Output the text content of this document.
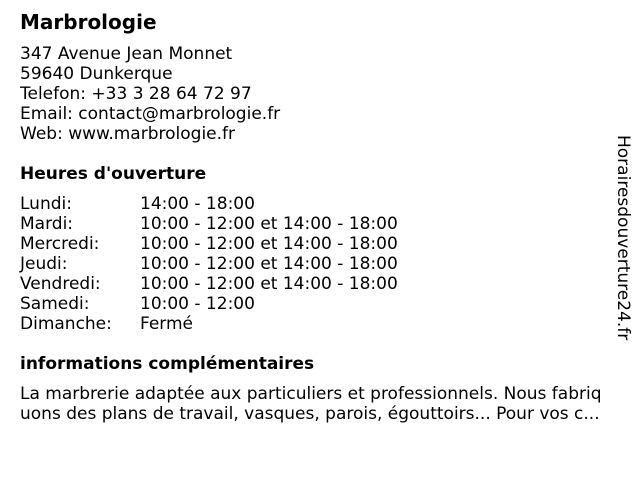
Marbrologie
347 Avenue Jean Monnet
59640 Dunkerque
Telefon: +33 3 28 64 72 97
Email: contact@marbrologie.fr
Web: www.marbrologie.fr
Heures d'ouverture
Lundi:	14:00 - 18:00
Mardi:	10:00 - 12:00 et 14:00 - 18:00
Mercredi: 10:00 - 12:00 et 14:00 - 18:00
Jeudi:	10:00 - 12:00 et 14:00 - 18:00
Vendredi: 10:00 - 12:00 et 14:00 - 18:00
Samedi:	10:00 - 12:00
Dimanche: Fermé
informations complémentaires
La marbrerie adaptée aux particuliers et professionnels. Nous fabriq
uons des plans de travail, vasques, parois, égouttoirs... Pour vos c...
Horairesdouverture24.fr
